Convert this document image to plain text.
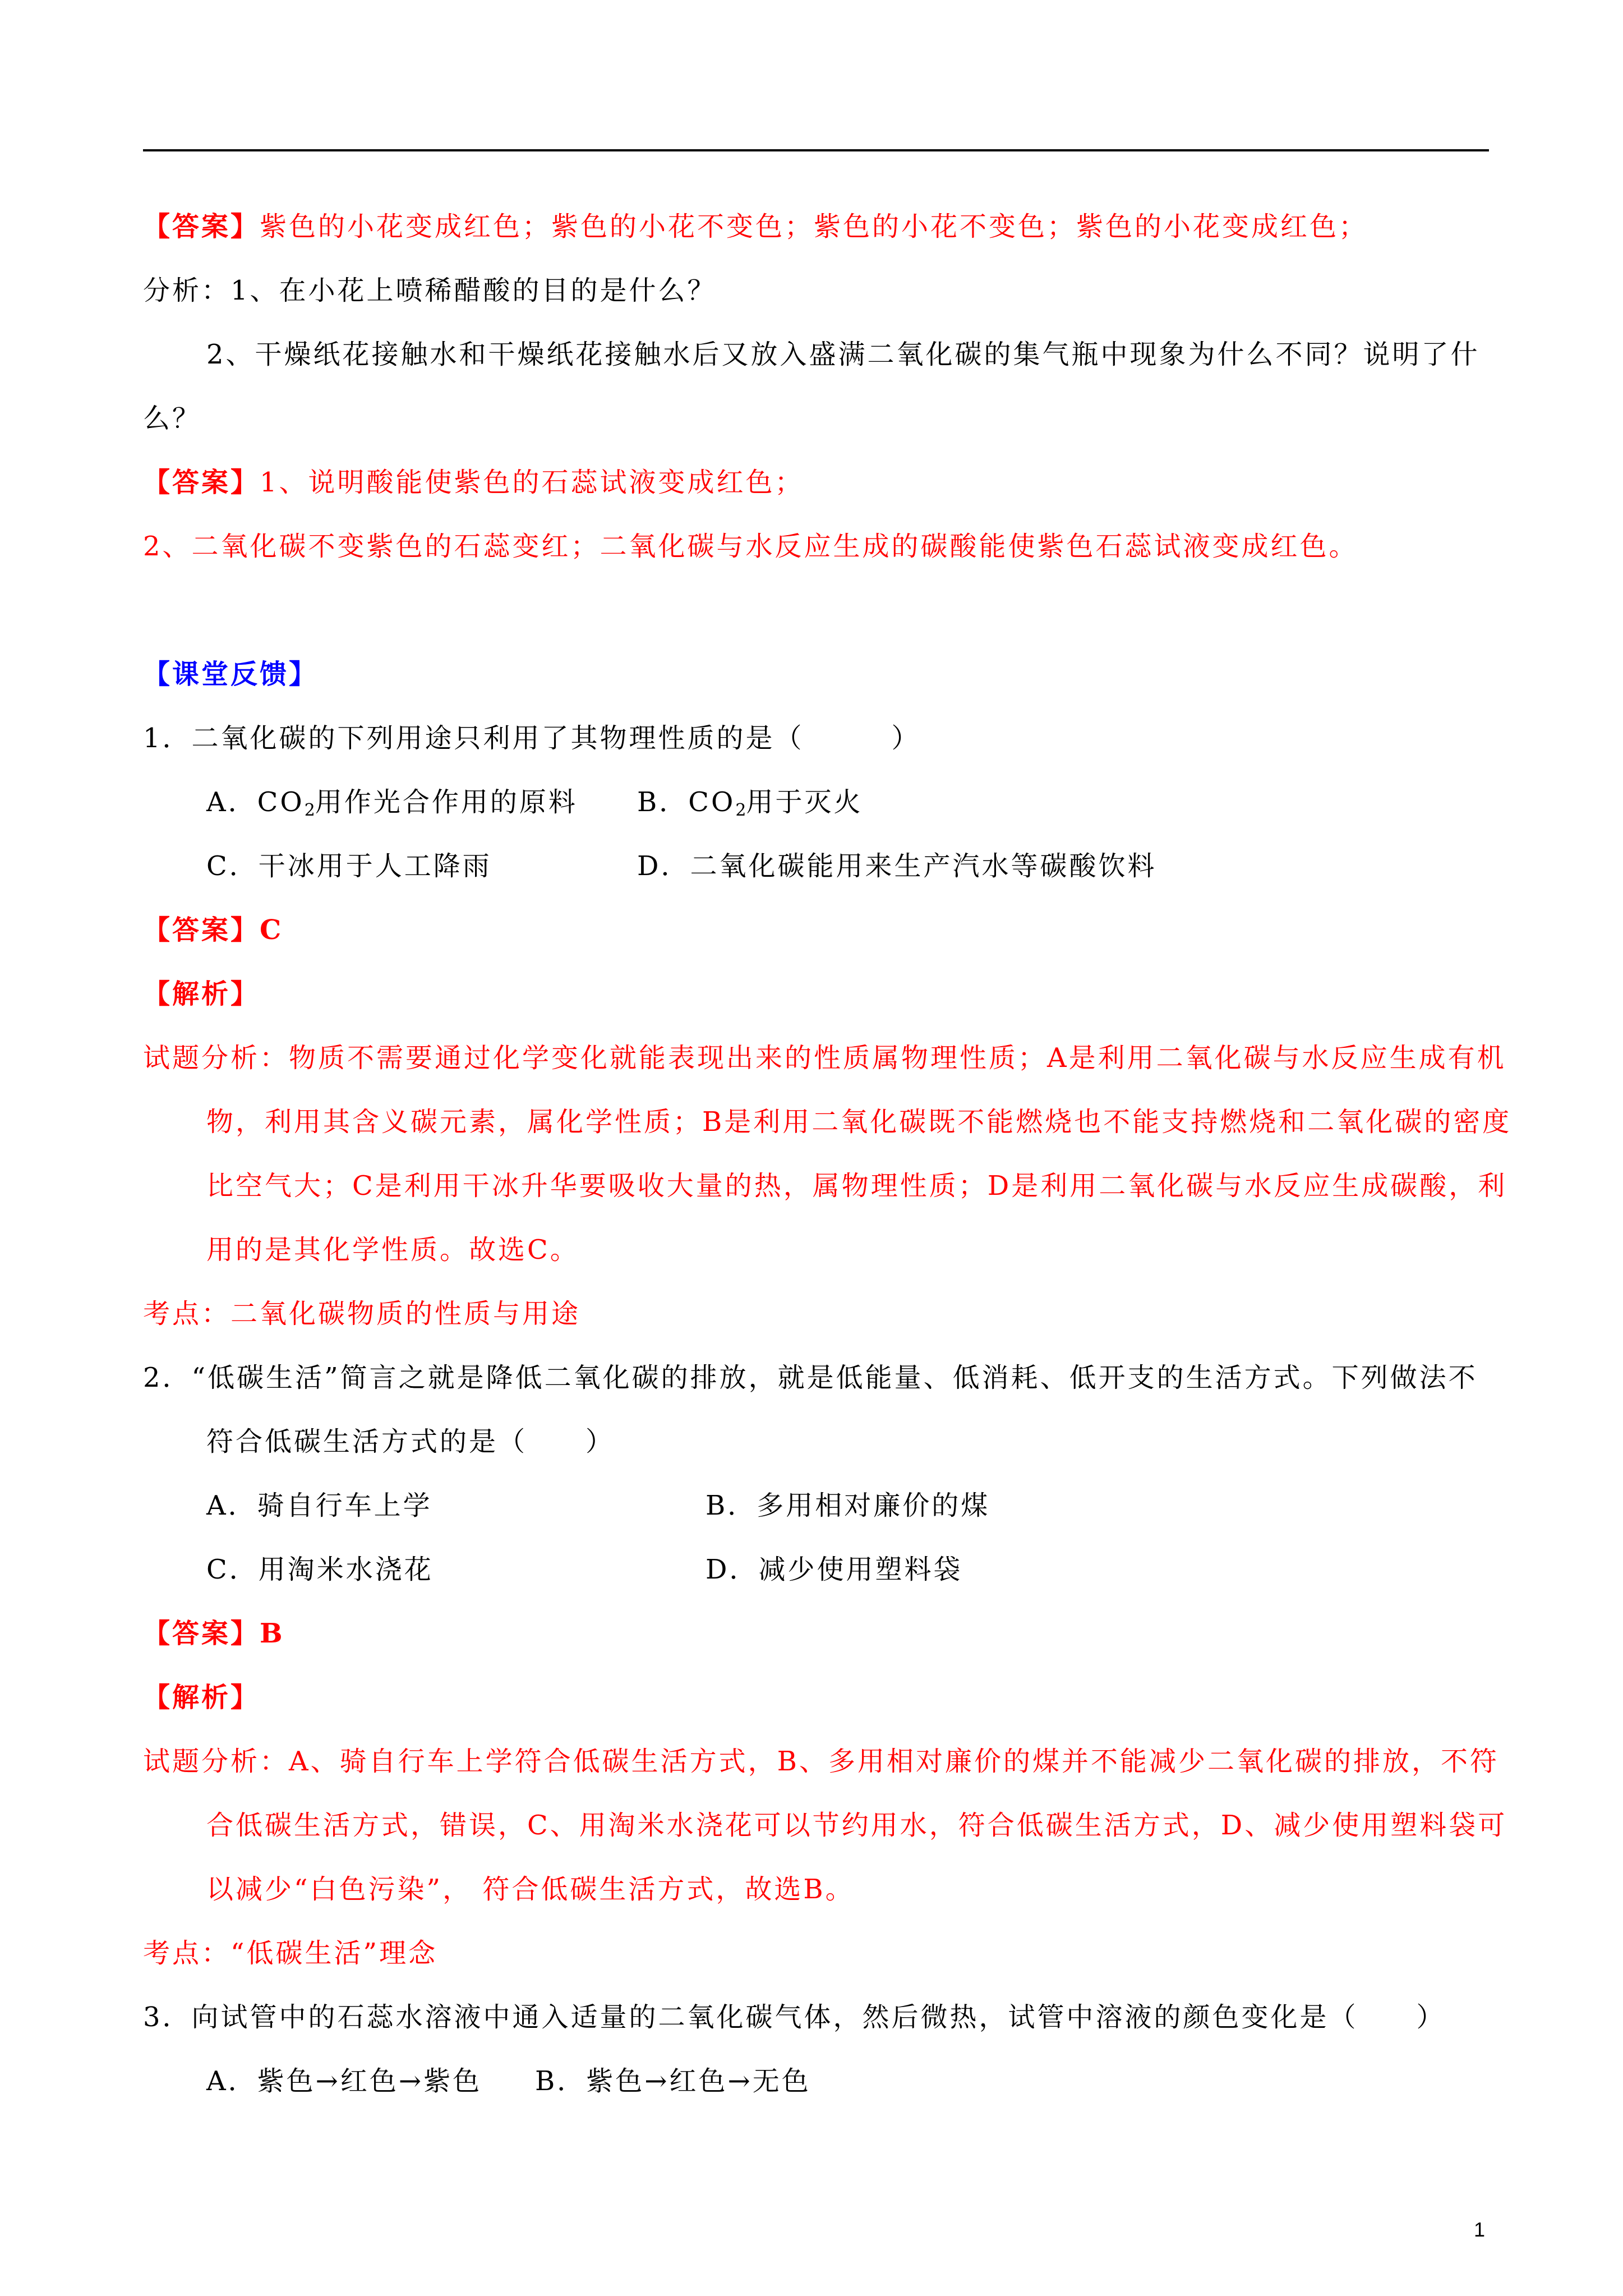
【答案】紫色的小花变成红色；紫色的小花不变色；紫色的小花不变色；紫色的小花变成红色；
分析：1、在小花上喷稀醋酸的目的是什么？
2、干燥纸花接触水和干燥纸花接触水后又放入盛满二氧化碳的集气瓶中现象为什么不同？说明了什
么？
【答案】1、说明酸能使紫色的石蕊试液变成红色；
2、二氧化碳不变紫色的石蕊变红；二氧化碳与水反应生成的碳酸能使紫色石蕊试液变成红色。
【课堂反馈】
1．二氧化碳的下列用途只利用了其物理性质的是（　　　）
A．$CO_2$用作光合作用的原料 B．$CO_2$用于灭火
C．干冰用于人工降雨	D．二氧化碳能用来生产汽水等碳酸饮料
【答案】C
【解析】
试题分析：物质不需要通过化学变化就能表现出来的性质属物理性质；A是利用二氧化碳与水反应生成有机
物，利用其含义碳元素，属化学性质；B是利用二氧化碳既不能燃烧也不能支持燃烧和二氧化碳的密度
比空气大；C是利用干冰升华要吸收大量的热，属物理性质；D是利用二氧化碳与水反应生成碳酸，利
用的是其化学性质。故选C。
考点：二氧化碳物质的性质与用途
2．“低碳生活”简言之就是降低二氧化碳的排放，就是低能量、低消耗、低开支的生活方式。下列做法不
符合低碳生活方式的是（　　）
A．骑自行车上学	B．多用相对廉价的煤
C．用淘米水浇花	D．减少使用塑料袋
【答案】B
【解析】
试题分析：A、骑自行车上学符合低碳生活方式，B、多用相对廉价的煤并不能减少二氧化碳的排放，不符
合低碳生活方式，错误，C、用淘米水浇花可以节约用水，符合低碳生活方式，D、减少使用塑料袋可
以减少“白色污染”， 符合低碳生活方式，故选B。
考点：“低碳生活”理念
3．向试管中的石蕊水溶液中通入适量的二氧化碳气体，然后微热，试管中溶液的颜色变化是（　　）
A．紫色→红色→紫色 B．紫色→红色→无色
1
